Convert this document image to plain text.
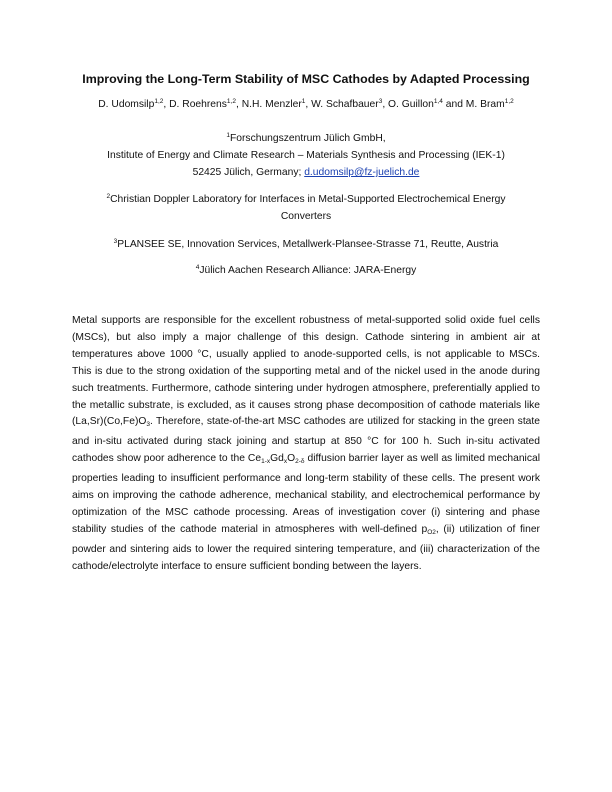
Improving the Long-Term Stability of MSC Cathodes by Adapted Processing
D. Udomsilp$^{1,2}$, D. Roehrens$^{1,2}$, N.H. Menzler$^1$, W. Schafbauer$^3$, O. Guillon$^{1,4}$ and M. Bram$^{1,2}$
$^1$Forschungszentrum Jülich GmbH,
Institute of Energy and Climate Research – Materials Synthesis and Processing (IEK-1)
52425 Jülich, Germany; d.udomsilp@fz-juelich.de
$^2$Christian Doppler Laboratory for Interfaces in Metal-Supported Electrochemical Energy
Converters
$^3$PLANSEE SE, Innovation Services, Metallwerk-Plansee-Strasse 71, Reutte, Austria
$^4$Jülich Aachen Research Alliance: JARA-Energy
Metal supports are responsible for the excellent robustness of metal-supported solid oxide fuel cells (MSCs), but also imply a major challenge of this design. Cathode sintering in ambient air at temperatures above 1000 °C, usually applied to anode-supported cells, is not applicable to MSCs. This is due to the strong oxidation of the supporting metal and of the nickel used in the anode during such treatments. Furthermore, cathode sintering under hydrogen atmosphere, preferentially applied to the metallic substrate, is excluded, as it causes strong phase decomposition of cathode materials like $(La,Sr)(Co,Fe)O_3$. Therefore, state-of-the-art MSC cathodes are utilized for stacking in the green state and in-situ activated during stack joining and startup at 850 °C for 100 h. Such in-situ activated cathodes show poor adherence to the $Ce_{1-x}Gd_xO_{2-\delta}$ diffusion barrier layer as well as limited mechanical properties leading to insufficient performance and long-term stability of these cells. The present work aims on improving the cathode adherence, mechanical stability, and electrochemical performance by optimization of the MSC cathode processing. Areas of investigation cover (i) sintering and phase stability studies of the cathode material in atmospheres with well-defined $p_{O2}$, (ii) utilization of finer powder and sintering aids to lower the required sintering temperature, and (iii) characterization of the cathode/electrolyte interface to ensure sufficient bonding between the layers.
